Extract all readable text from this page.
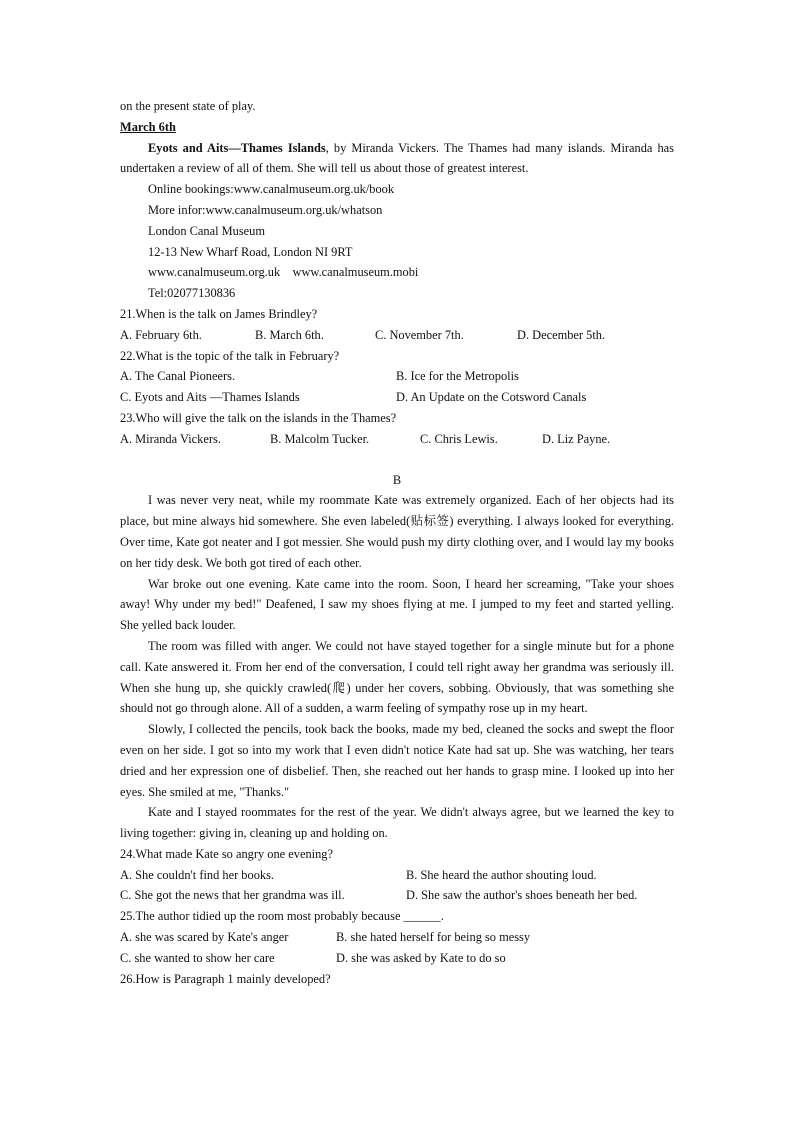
on the present state of play.
March 6th
Eyots and Aits—Thames Islands, by Miranda Vickers. The Thames had many islands. Miranda has undertaken a review of all of them. She will tell us about those of greatest interest.
Online bookings:www.canalmuseum.org.uk/book
More infor:www.canalmuseum.org.uk/whatson
London Canal Museum
12-13 New Wharf Road, London NI 9RT
www.canalmuseum.org.uk    www.canalmuseum.mobi
Tel:02077130836
21.When is the talk on James Brindley?
A. February 6th.	B. March 6th.	C. November 7th.	D. December 5th.
22.What is the topic of the talk in February?
A. The Canal Pioneers.	B. Ice for the Metropolis
C. Eyots and Aits —Thames Islands	D. An Update on the Cotsword Canals
23.Who will give the talk on the islands in the Thames?
A. Miranda Vickers.	B. Malcolm Tucker.	C. Chris Lewis.	D. Liz Payne.
B
I was never very neat, while my roommate Kate was extremely organized. Each of her objects had its place, but mine always hid somewhere. She even labeled(贴标签) everything. I always looked for everything. Over time, Kate got neater and I got messier. She would push my dirty clothing over, and I would lay my books on her tidy desk. We both got tired of each other.
War broke out one evening. Kate came into the room. Soon, I heard her screaming, "Take your shoes away! Why under my bed!" Deafened, I saw my shoes flying at me. I jumped to my feet and started yelling. She yelled back louder.
The room was filled with anger. We could not have stayed together for a single minute but for a phone call. Kate answered it. From her end of the conversation, I could tell right away her grandma was seriously ill. When she hung up, she quickly crawled(爬) under her covers, sobbing. Obviously, that was something she should not go through alone. All of a sudden, a warm feeling of sympathy rose up in my heart.
Slowly, I collected the pencils, took back the books, made my bed, cleaned the socks and swept the floor even on her side. I got so into my work that I even didn't notice Kate had sat up. She was watching, her tears dried and her expression one of disbelief. Then, she reached out her hands to grasp mine. I looked up into her eyes. She smiled at me, "Thanks."
Kate and I stayed roommates for the rest of the year. We didn't always agree, but we learned the key to living together: giving in, cleaning up and holding on.
24.What made Kate so angry one evening?
A. She couldn't find her books.	B. She heard the author shouting loud.
C. She got the news that her grandma was ill.	D. She saw the author's shoes beneath her bed.
25.The author tidied up the room most probably because ______.
A. she was scared by Kate's anger	B. she hated herself for being so messy
C. she wanted to show her care	D. she was asked by Kate to do so
26.How is Paragraph 1 mainly developed?
